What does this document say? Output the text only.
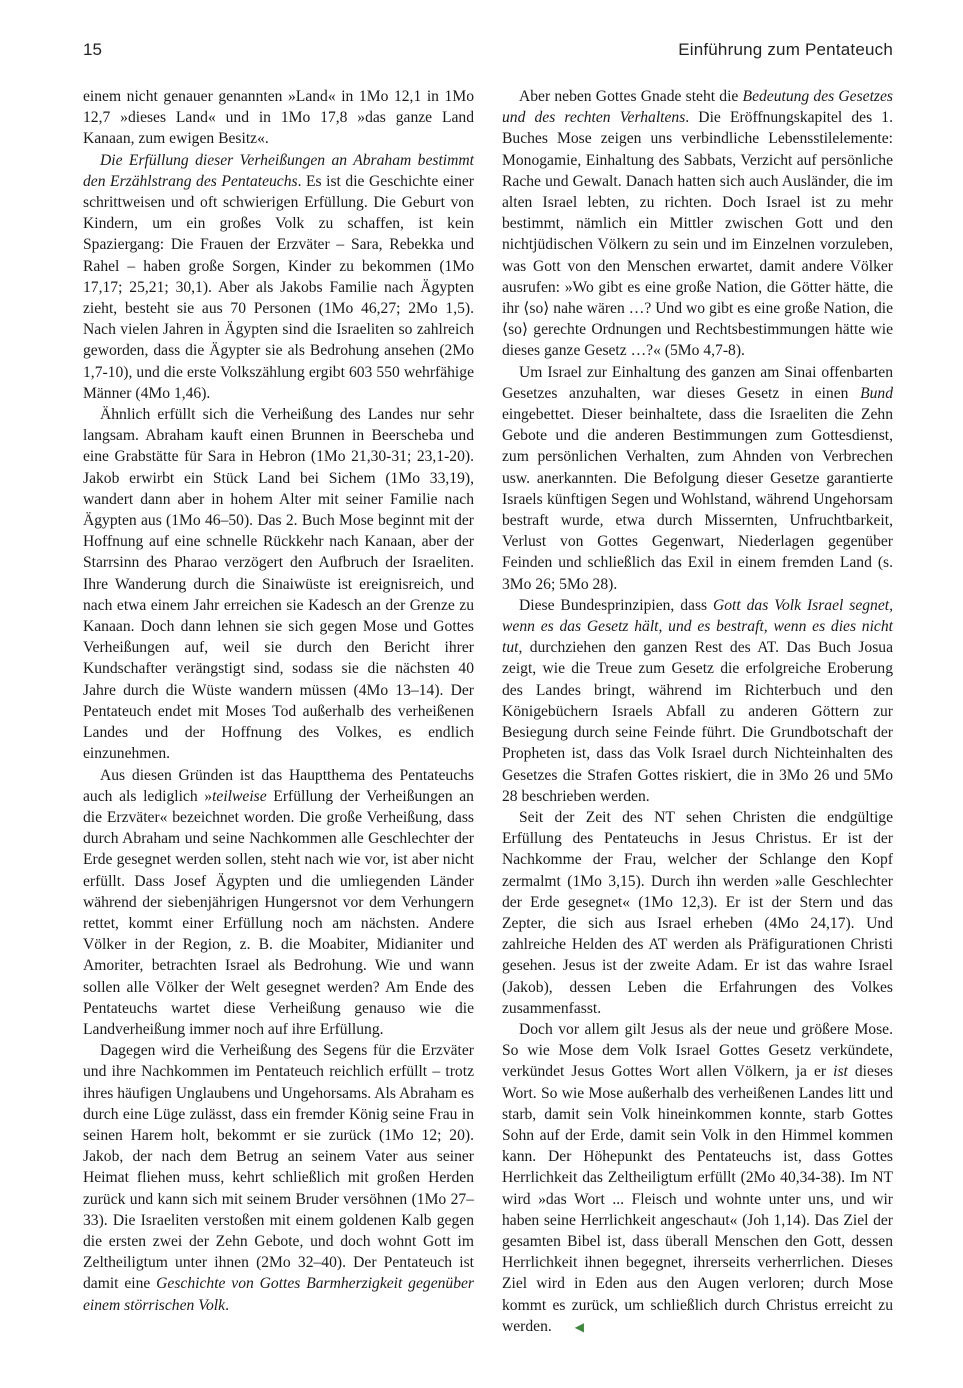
15	Einführung zum Pentateuch

einem nicht genauer genannten »Land« in 1Mo 12,1 in 1Mo 12,7 »dieses Land« und in 1Mo 17,8 »das ganze Land Kanaan, zum ewigen Besitz«.

Die Erfüllung dieser Verheißungen an Abraham bestimmt den Erzählstrang des Pentateuchs. Es ist die Geschichte einer schrittweisen und oft schwierigen Erfüllung. Die Geburt von Kindern, um ein großes Volk zu schaffen, ist kein Spaziergang: Die Frauen der Erzväter – Sara, Rebekka und Rahel – haben große Sorgen, Kinder zu bekommen (1Mo 17,17; 25,21; 30,1). Aber als Jakobs Familie nach Ägypten zieht, besteht sie aus 70 Personen (1Mo 46,27; 2Mo 1,5). Nach vielen Jahren in Ägypten sind die Israeliten so zahlreich geworden, dass die Ägypter sie als Bedrohung ansehen (2Mo 1,7-10), und die erste Volkszählung ergibt 603 550 wehrfähige Männer (4Mo 1,46).

Ähnlich erfüllt sich die Verheißung des Landes nur sehr langsam. Abraham kauft einen Brunnen in Beerscheba und eine Grabstätte für Sara in Hebron (1Mo 21,30-31; 23,1-20). Jakob erwirbt ein Stück Land bei Sichem (1Mo 33,19), wandert dann aber in hohem Alter mit seiner Familie nach Ägypten aus (1Mo 46–50). Das 2. Buch Mose beginnt mit der Hoffnung auf eine schnelle Rückkehr nach Kanaan, aber der Starrsinn des Pharao verzögert den Aufbruch der Israeliten. Ihre Wanderung durch die Sinaiwüste ist ereignisreich, und nach etwa einem Jahr erreichen sie Kadesch an der Grenze zu Kanaan. Doch dann lehnen sie sich gegen Mose und Gottes Verheißungen auf, weil sie durch den Bericht ihrer Kundschafter verängstigt sind, sodass sie die nächsten 40 Jahre durch die Wüste wandern müssen (4Mo 13–14). Der Pentateuch endet mit Moses Tod außerhalb des verheißenen Landes und der Hoffnung des Volkes, es endlich einzunehmen.

Aus diesen Gründen ist das Hauptthema des Pentateuchs auch als lediglich »teilweise Erfüllung der Verheißungen an die Erzväter« bezeichnet worden. Die große Verheißung, dass durch Abraham und seine Nachkommen alle Geschlechter der Erde gesegnet werden sollen, steht nach wie vor, ist aber nicht erfüllt. Dass Josef Ägypten und die umliegenden Länder während der siebenjährigen Hungersnot vor dem Verhungern rettet, kommt einer Erfüllung noch am nächsten. Andere Völker in der Region, z. B. die Moabiter, Midianiter und Amoriter, betrachten Israel als Bedrohung. Wie und wann sollen alle Völker der Welt gesegnet werden? Am Ende des Pentateuchs wartet diese Verheißung genauso wie die Landverheißung immer noch auf ihre Erfüllung.

Dagegen wird die Verheißung des Segens für die Erzväter und ihre Nachkommen im Pentateuch reichlich erfüllt – trotz ihres häufigen Unglaubens und Ungehorsams. Als Abraham es durch eine Lüge zulässt, dass ein fremder König seine Frau in seinen Harem holt, bekommt er sie zurück (1Mo 12; 20). Jakob, der nach dem Betrug an seinem Vater aus seiner Heimat fliehen muss, kehrt schließlich mit großen Herden zurück und kann sich mit seinem Bruder versöhnen (1Mo 27–33). Die Israeliten verstoßen mit einem goldenen Kalb gegen die ersten zwei der Zehn Gebote, und doch wohnt Gott im Zeltheiligtum unter ihnen (2Mo 32–40). Der Pentateuch ist damit eine Geschichte von Gottes Barmherzigkeit gegenüber einem störrischen Volk.

Aber neben Gottes Gnade steht die Bedeutung des Gesetzes und des rechten Verhaltens. Die Eröffnungskapitel des 1. Buches Mose zeigen uns verbindliche Lebensstilelemente: Monogamie, Einhaltung des Sabbats, Verzicht auf persönliche Rache und Gewalt. Danach hatten sich auch Ausländer, die im alten Israel lebten, zu richten. Doch Israel ist zu mehr bestimmt, nämlich ein Mittler zwischen Gott und den nichtjüdischen Völkern zu sein und im Einzelnen vorzuleben, was Gott von den Menschen erwartet, damit andere Völker ausrufen: »Wo gibt es eine große Nation, die Götter hätte, die ihr ⟨so⟩ nahe wären …? Und wo gibt es eine große Nation, die ⟨so⟩ gerechte Ordnungen und Rechtsbestimmungen hätte wie dieses ganze Gesetz …?« (5Mo 4,7-8).

Um Israel zur Einhaltung des ganzen am Sinai offenbarten Gesetzes anzuhalten, war dieses Gesetz in einen Bund eingebettet. Dieser beinhaltete, dass die Israeliten die Zehn Gebote und die anderen Bestimmungen zum Gottesdienst, zum persönlichen Verhalten, zum Ahnden von Verbrechen usw. anerkannten. Die Befolgung dieser Gesetze garantierte Israels künftigen Segen und Wohlstand, während Ungehorsam bestraft wurde, etwa durch Missernten, Unfruchtbarkeit, Verlust von Gottes Gegenwart, Niederlagen gegenüber Feinden und schließlich das Exil in einem fremden Land (s. 3Mo 26; 5Mo 28).

Diese Bundesprinzipien, dass Gott das Volk Israel segnet, wenn es das Gesetz hält, und es bestraft, wenn es dies nicht tut, durchziehen den ganzen Rest des AT. Das Buch Josua zeigt, wie die Treue zum Gesetz die erfolgreiche Eroberung des Landes bringt, während im Richterbuch und den Königebüchern Israels Abfall zu anderen Göttern zur Besiegung durch seine Feinde führt. Die Grundbotschaft der Propheten ist, dass das Volk Israel durch Nichteinhalten des Gesetzes die Strafen Gottes riskiert, die in 3Mo 26 und 5Mo 28 beschrieben werden.

Seit der Zeit des NT sehen Christen die endgültige Erfüllung des Pentateuchs in Jesus Christus. Er ist der Nachkomme der Frau, welcher der Schlange den Kopf zermalmt (1Mo 3,15). Durch ihn werden »alle Geschlechter der Erde gesegnet« (1Mo 12,3). Er ist der Stern und das Zepter, die sich aus Israel erheben (4Mo 24,17). Und zahlreiche Helden des AT werden als Präfigurationen Christi gesehen. Jesus ist der zweite Adam. Er ist das wahre Israel (Jakob), dessen Leben die Erfahrungen des Volkes zusammenfasst.

Doch vor allem gilt Jesus als der neue und größere Mose. So wie Mose dem Volk Israel Gottes Gesetz verkündete, verkündet Jesus Gottes Wort allen Völkern, ja er ist dieses Wort. So wie Mose außerhalb des verheißenen Landes litt und starb, damit sein Volk hineinkommen konnte, starb Gottes Sohn auf der Erde, damit sein Volk in den Himmel kommen kann. Der Höhepunkt des Pentateuchs ist, dass Gottes Herrlichkeit das Zeltheiligtum erfüllt (2Mo 40,34-38). Im NT wird »das Wort ... Fleisch und wohnte unter uns, und wir haben seine Herrlichkeit angeschaut« (Joh 1,14). Das Ziel der gesamten Bibel ist, dass überall Menschen den Gott, dessen Herrlichkeit ihnen begegnet, ihrerseits verherrlichen. Dieses Ziel wird in Eden aus den Augen verloren; durch Mose kommt es zurück, um schließlich durch Christus erreicht zu werden. ◀
